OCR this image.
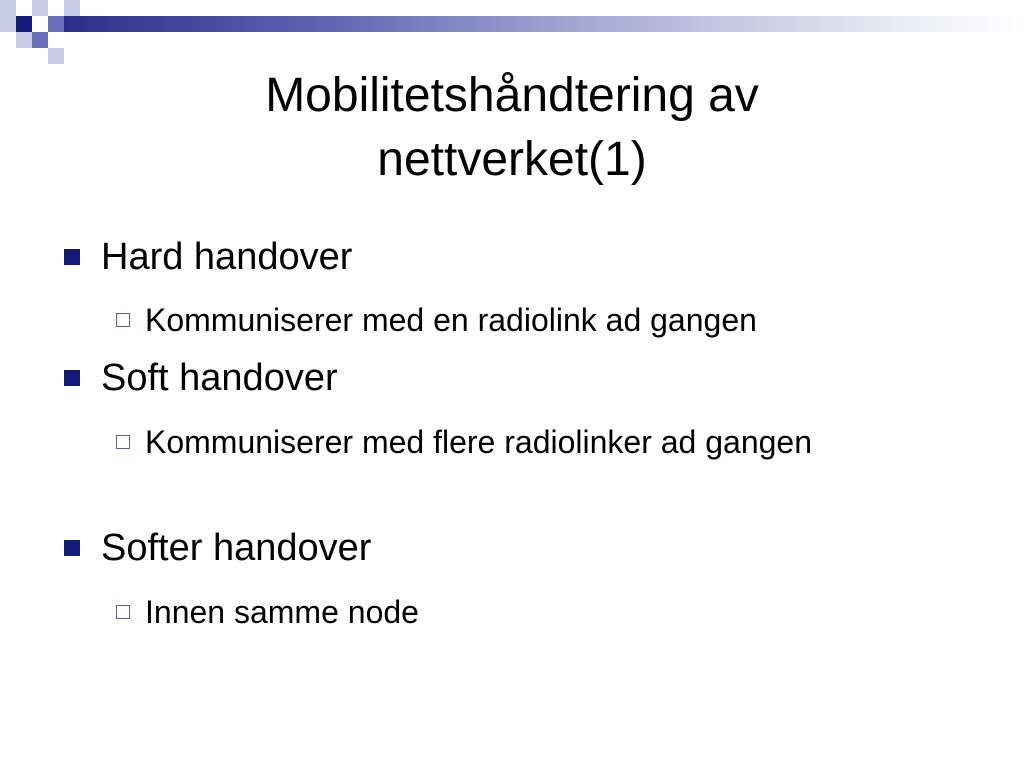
Mobilitetshåndtering av
nettverket(1)
Hard handover
Kommuniserer med en radiolink ad gangen
Soft handover
Kommuniserer med flere radiolinker ad gangen
Softer handover
Innen samme node
